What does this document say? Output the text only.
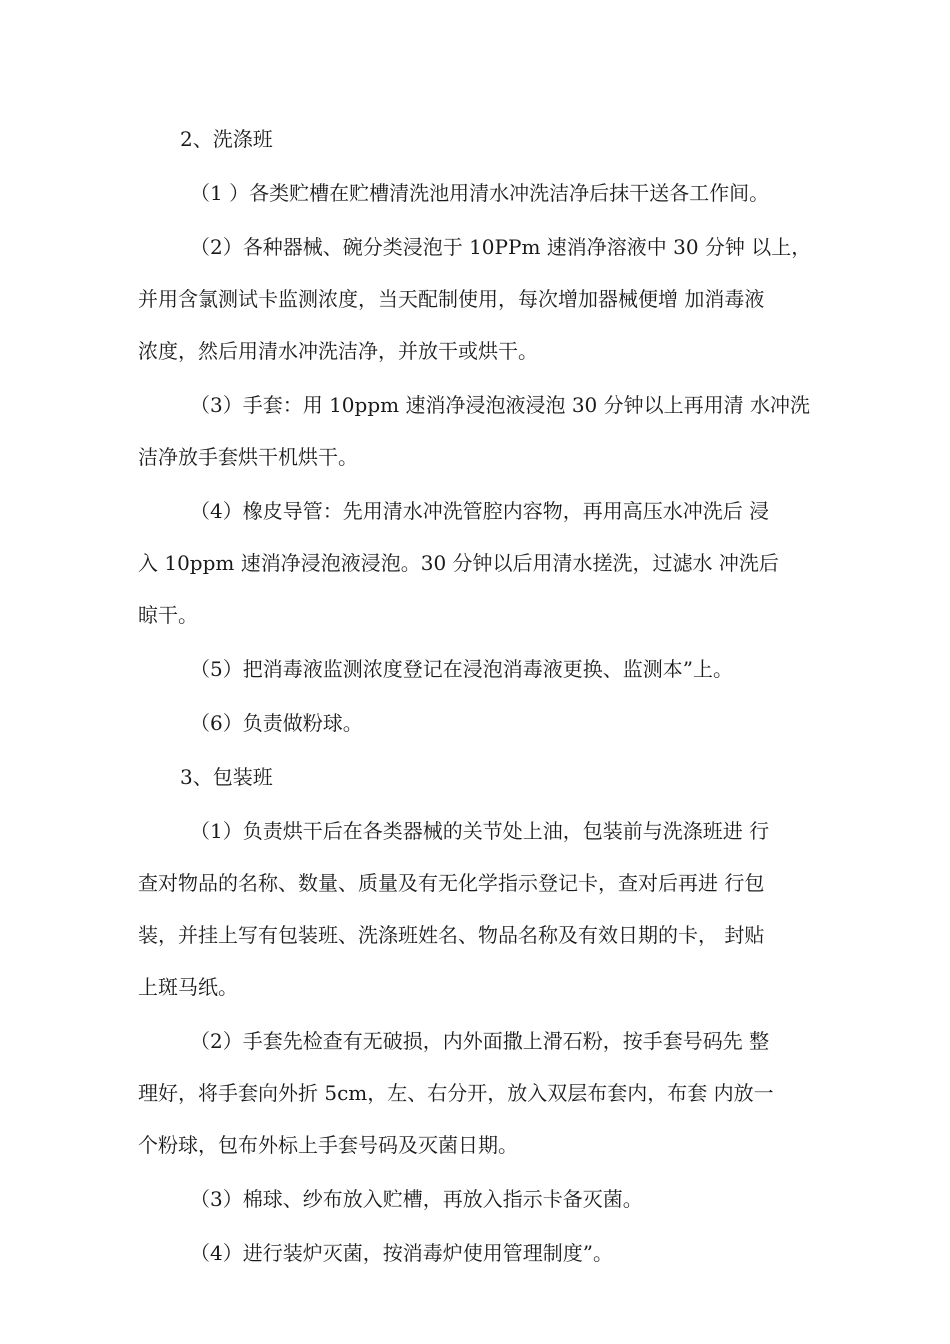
2、洗涤班
（1 ）各类贮槽在贮槽清洗池用清水冲洗洁净后抹干送各工作间。
（2）各种器械、碗分类浸泡于 10PPm 速消净溶液中 30 分钟 以上，
并用含氯测试卡监测浓度，当天配制使用，每次增加器械便增 加消毒液
浓度，然后用清水冲洗洁净，并放干或烘干。
（3）手套：用 10ppm 速消净浸泡液浸泡 30 分钟以上再用清 水冲洗
洁净放手套烘干机烘干。
（4）橡皮导管：先用清水冲洗管腔内容物，再用高压水冲洗后 浸
入 10ppm 速消净浸泡液浸泡。30 分钟以后用清水搓洗，过滤水 冲洗后
晾干。
（5）把消毒液监测浓度登记在浸泡消毒液更换、监测本”上。
（6）负责做粉球。
3、包装班
（1）负责烘干后在各类器械的关节处上油，包装前与洗涤班进 行
查对物品的名称、数量、质量及有无化学指示登记卡，查对后再进 行包
装，并挂上写有包装班、洗涤班姓名、物品名称及有效日期的卡， 封贴
上斑马纸。
（2）手套先检查有无破损，内外面撒上滑石粉，按手套号码先 整
理好，将手套向外折 5cm，左、右分开，放入双层布套内，布套 内放一
个粉球，包布外标上手套号码及灭菌日期。
（3）棉球、纱布放入贮槽，再放入指示卡备灭菌。
（4）进行装炉灭菌，按消毒炉使用管理制度”。
